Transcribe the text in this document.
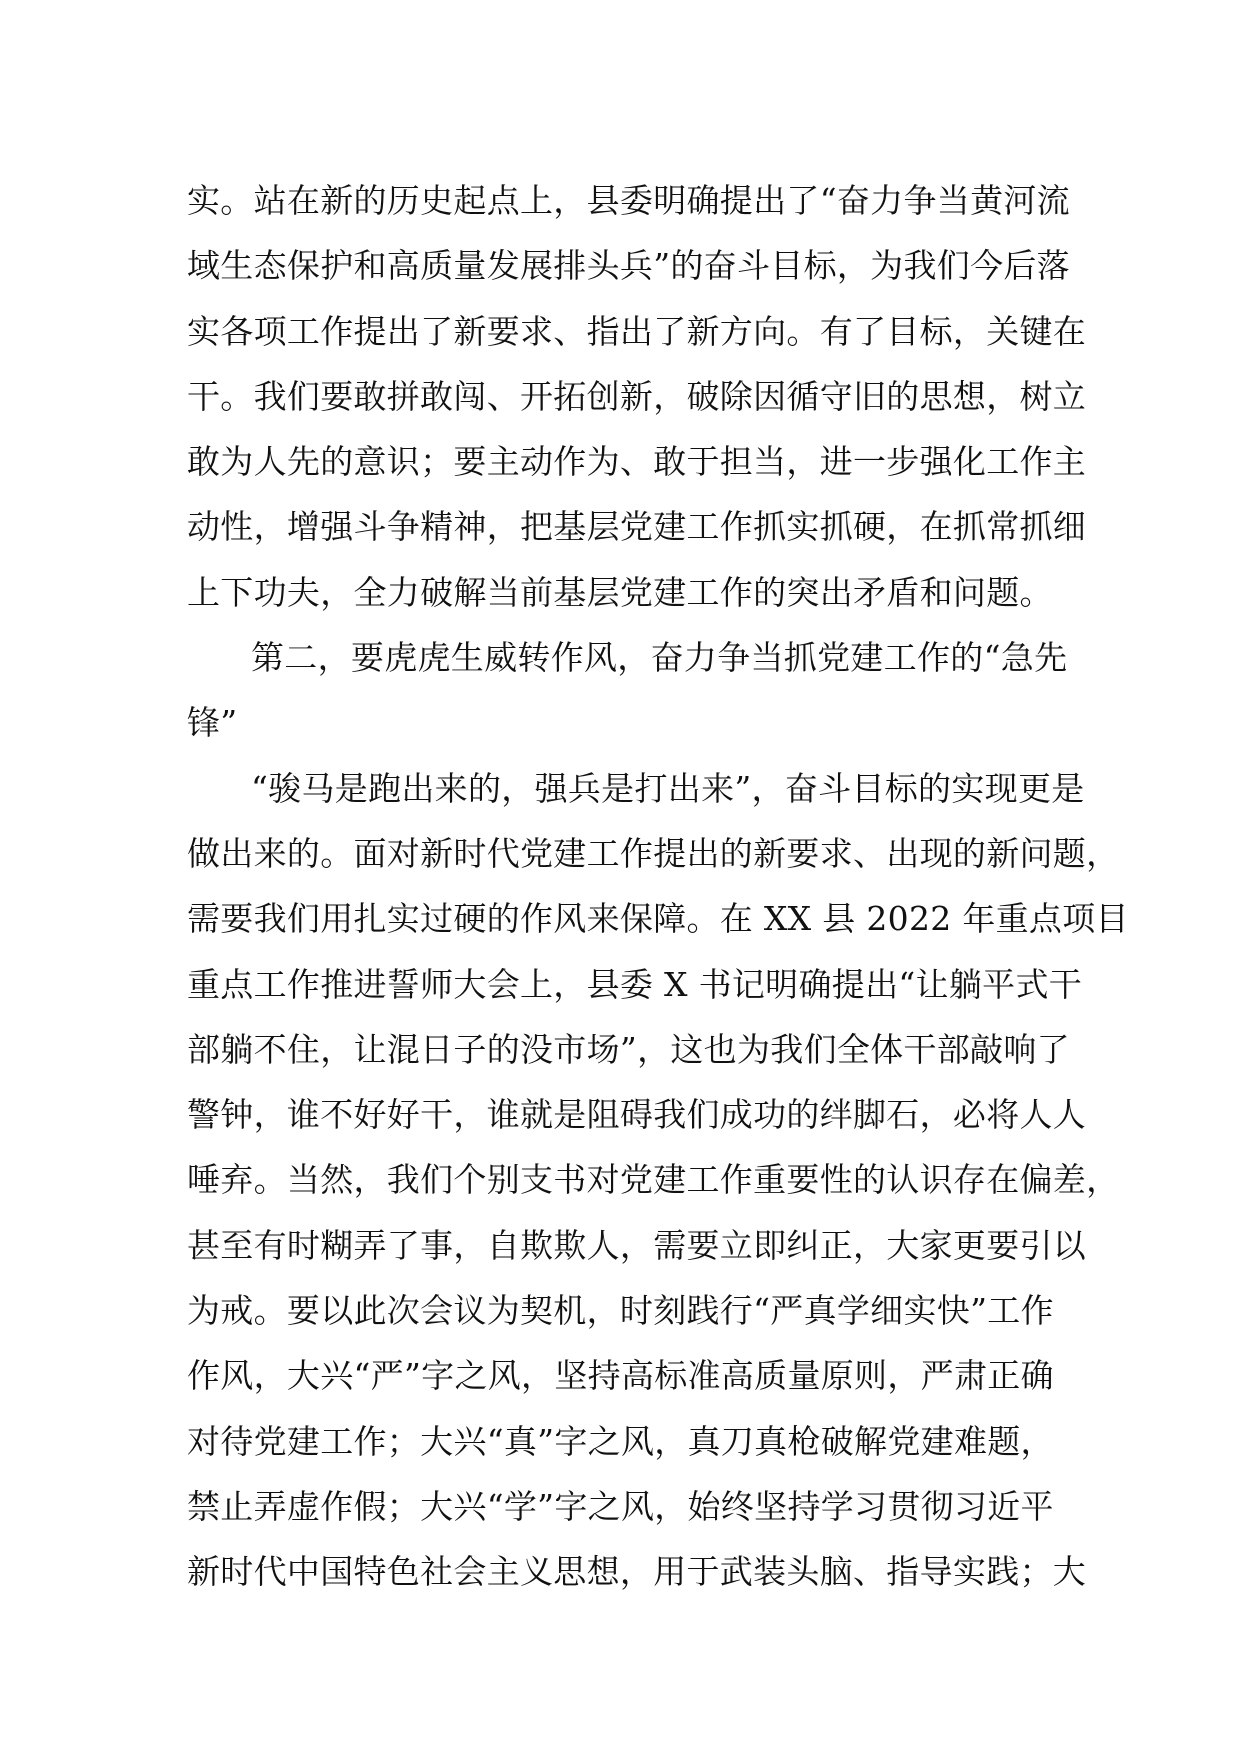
实。站在新的历史起点上，县委明确提出了“奋力争当黄河流
域生态保护和高质量发展排头兵”的奋斗目标，为我们今后落
实各项工作提出了新要求、指出了新方向。有了目标，关键在
干。我们要敢拼敢闯、开拓创新，破除因循守旧的思想，树立
敢为人先的意识；要主动作为、敢于担当，进一步强化工作主
动性，增强斗争精神，把基层党建工作抓实抓硬，在抓常抓细
上下功夫，全力破解当前基层党建工作的突出矛盾和问题。
第二，要虎虎生威转作风，奋力争当抓党建工作的“急先
锋”
“骏马是跑出来的，强兵是打出来”，奋斗目标的实现更是
做出来的。面对新时代党建工作提出的新要求、出现的新问题，
需要我们用扎实过硬的作风来保障。在 XX 县 2022 年重点项目
重点工作推进誓师大会上，县委 X 书记明确提出“让躺平式干
部躺不住，让混日子的没市场”，这也为我们全体干部敲响了
警钟，谁不好好干，谁就是阻碍我们成功的绊脚石，必将人人
唾弃。当然，我们个别支书对党建工作重要性的认识存在偏差，
甚至有时糊弄了事，自欺欺人，需要立即纠正，大家更要引以
为戒。要以此次会议为契机，时刻践行“严真学细实快”工作
作风，大兴“严”字之风，坚持高标准高质量原则，严肃正确
对待党建工作；大兴“真”字之风，真刀真枪破解党建难题，
禁止弄虚作假；大兴“学”字之风，始终坚持学习贯彻习近平
新时代中国特色社会主义思想，用于武装头脑、指导实践；大
